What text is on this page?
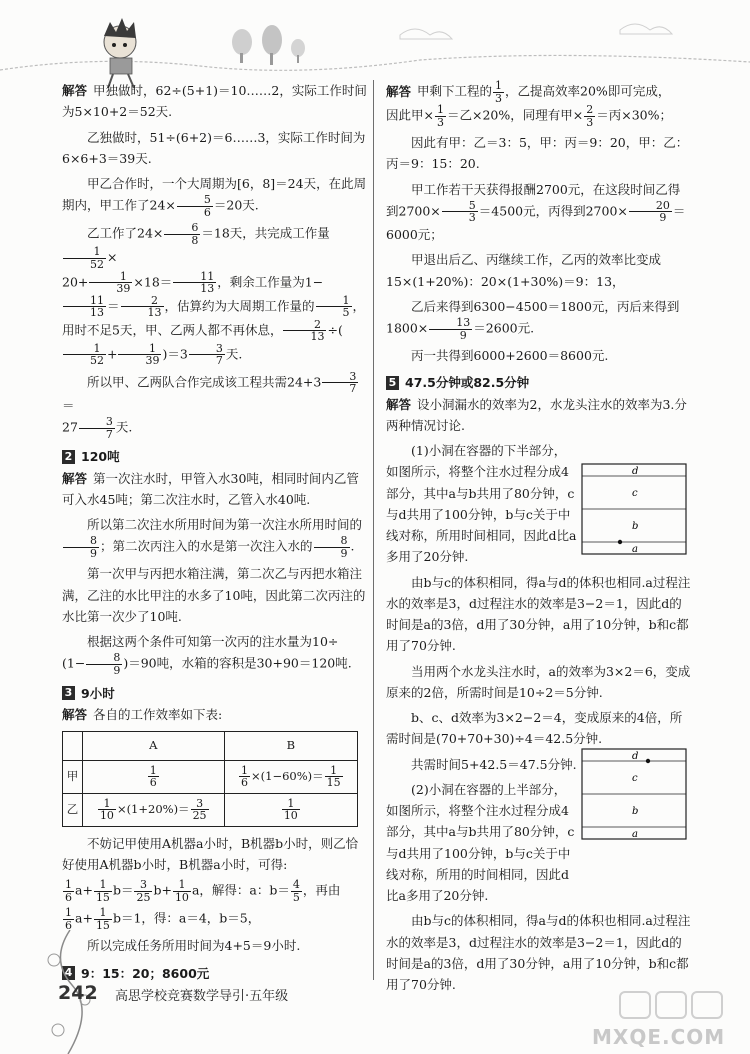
解答 甲独做时，62÷(5+1)＝10……2，实际工作时间为5×10+2＝52天.

乙独做时，51÷(6+2)＝6……3，实际工作时间为6×6+3＝39天.

甲乙合作时，一个大周期为[6，8]＝24天，在此周期内，甲工作了$24\times \frac{5}{6} =20$天.

乙工作了$24\times \frac{6}{8} =18$天，共完成工作量
$\frac{1}{52}$ ×
$20+ \frac{1}{39} \times 18= \frac{11}{13}$ ，剩余工作量为1−
$\frac{11}{13} = \frac{2}{13}$ ，估算约为大周期工作量的 $\frac{1}{5}$ ，用时不足5天，甲、乙两人都不再休息， $\frac{2}{13}$ ÷(
$\frac{1}{52} + \frac{1}{39} )=3 \frac{3}{7}$ 天.

所以甲、乙两队合作完成该工程共需$24+3 \frac{3}{7}$
＝
$27 \frac{3}{7}$ 天.

2 120吨

解答 第一次注水时，甲管入水30吨，相同时间内乙管可入水45吨；第二次注水时，乙管入水40吨.

所以第二次注水所用时间为第一次注水所用时间的
$\frac{8}{9}$ ；第二次丙注入的水是第一次注入水的 $\frac{8}{9}$ .

第一次甲与丙把水箱注满，第二次乙与丙把水箱注满，乙注的水比甲注的水多了10吨，因此第二次丙注的水比第一次少了10吨.

根据这两个条件可知第一次丙的注水量为10÷
$(1- \frac{8}{9} )=90$吨，水箱的容积是30+90＝120吨.

3 9小时

解答 各自的工作效率如下表:

	A	B
甲	$\frac{1}{6}$	$\frac{1}{6} \times(1-60\%)= \frac{1}{15}$

乙	$\frac{1}{10} \times(1+20\%)= \frac{3}{25}$	$\frac{1}{10}$

不妨记甲使用A机器a小时，B机器b小时，则乙恰好使用A机器b小时，B机器a小时，可得:

$\frac{1}{6} a+ \frac{1}{15} b= \frac{3}{25} b+ \frac{1}{10}$ a，解得：a：$b= \frac{4}{5}$ ，再由

$\frac{1}{6} a+ \frac{1}{15} b=1$，得：a＝4，b＝5，

所以完成任务所用时间为4+5＝9小时.

4 9：15：20；8600元

解答 甲剩下工程的 $\frac{1}{3}$ ，乙提高效率20%即可完成，
因此甲× $\frac{1}{3}$ ＝乙×20%，同理有甲× $\frac{2}{3}$ ＝丙×30%；

因此有甲：乙＝3：5，甲：丙＝9：20，甲：乙：丙＝9：15：20.

甲工作若干天获得报酬2700元，在这段时间乙得到$2700\times \frac{5}{3} =4500$元，丙得到$2700\times \frac{20}{9} =6000$元；

甲退出后乙、丙继续工作，乙丙的效率比变成15×(1+20%)：20×(1+30%)＝9：13，

乙后来得到6300−4500＝1800元，丙后来得到$1800\times \frac{13}{9} =2600$元.

丙一共得到6000+2600＝8600元.

5 47.5分钟或82.5分钟

解答 设小洞漏水的效率为2，水龙头注水的效率为3.分两种情况讨论.

(1)小洞在容器的下半部分，如图所示，将整个注水过程分成4部分，其中a与b共用了80分钟，c与d共用了100分钟，b与c关于中线对称，所用时间相同，因此d比a多用了20分钟.

由b与c的体积相同，得a与d的体积也相同.a过程注水的效率是3，d过程注水的效率是3−2＝1，因此d的时间是a的3倍，d用了30分钟，a用了10分钟，b和c都用了70分钟.

当用两个水龙头注水时，a的效率为3×2＝6，变成原来的2倍，所需时间是10÷2＝5分钟.

b、c、d效率为3×2−2＝4，变成原来的4倍，所需时间是(70+70+30)÷4＝42.5分钟.

共需时间5+42.5＝47.5分钟.

(2)小洞在容器的上半部分，如图所示，将整个注水过程分成4部分，其中a与b共用了80分钟，c与d共用了100分钟，b与c关于中线对称，所用的时间相同，因此d比a多用了20分钟.

由b与c的体积相同，得a与d的体积也相同.a过程注水的效率是3，d过程注水的效率是3−2＝1，因此d的时间是a的3倍，d用了30分钟，a用了10分钟，b和c都用了70分钟.

d
c
b
a
d
c
b
a
242 高思学校竞赛数学导引·五年级
MXQE.COM
